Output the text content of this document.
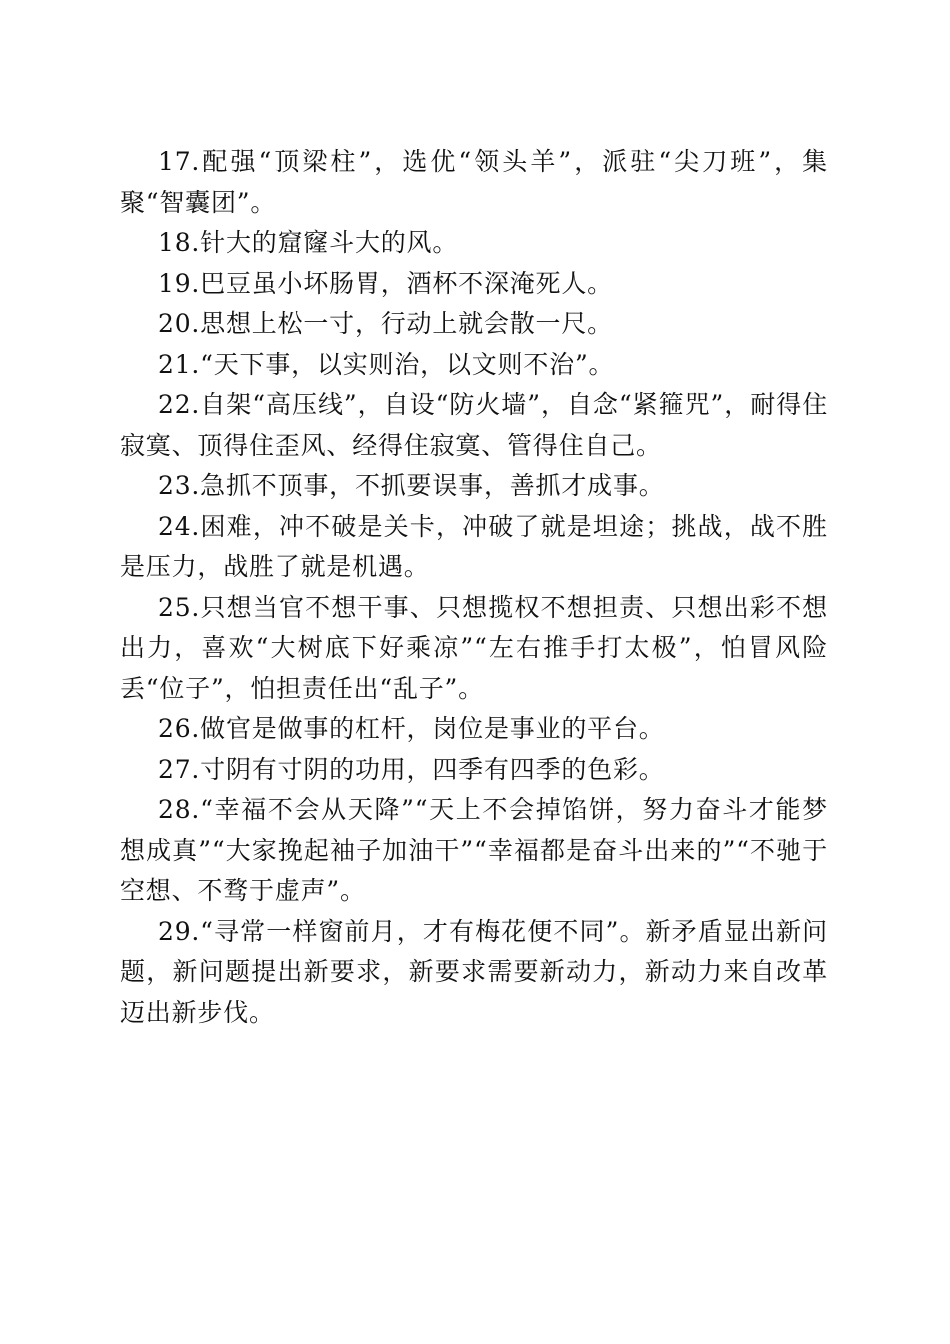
17.配强“顶梁柱”，选优“领头羊”，派驻“尖刀班”，集聚“智囊团”。

18.针大的窟窿斗大的风。

19.巴豆虽小坏肠胃，酒杯不深淹死人。

20.思想上松一寸，行动上就会散一尺。

21.“天下事，以实则治，以文则不治”。

22.自架“高压线”，自设“防火墙”，自念“紧箍咒”，耐得住寂寞、顶得住歪风、经得住寂寞、管得住自己。

23.急抓不顶事，不抓要误事，善抓才成事。

24.困难，冲不破是关卡，冲破了就是坦途；挑战，战不胜是压力，战胜了就是机遇。

25.只想当官不想干事、只想揽权不想担责、只想出彩不想出力，喜欢“大树底下好乘凉”“左右推手打太极”，怕冒风险丢“位子”，怕担责任出“乱子”。

26.做官是做事的杠杆，岗位是事业的平台。

27.寸阴有寸阴的功用，四季有四季的色彩。

28.“幸福不会从天降”“天上不会掉馅饼，努力奋斗才能梦想成真”“大家挽起袖子加油干”“幸福都是奋斗出来的”“不驰于空想、不骛于虚声”。

29.“寻常一样窗前月，才有梅花便不同”。新矛盾显出新问题，新问题提出新要求，新要求需要新动力，新动力来自改革迈出新步伐。
